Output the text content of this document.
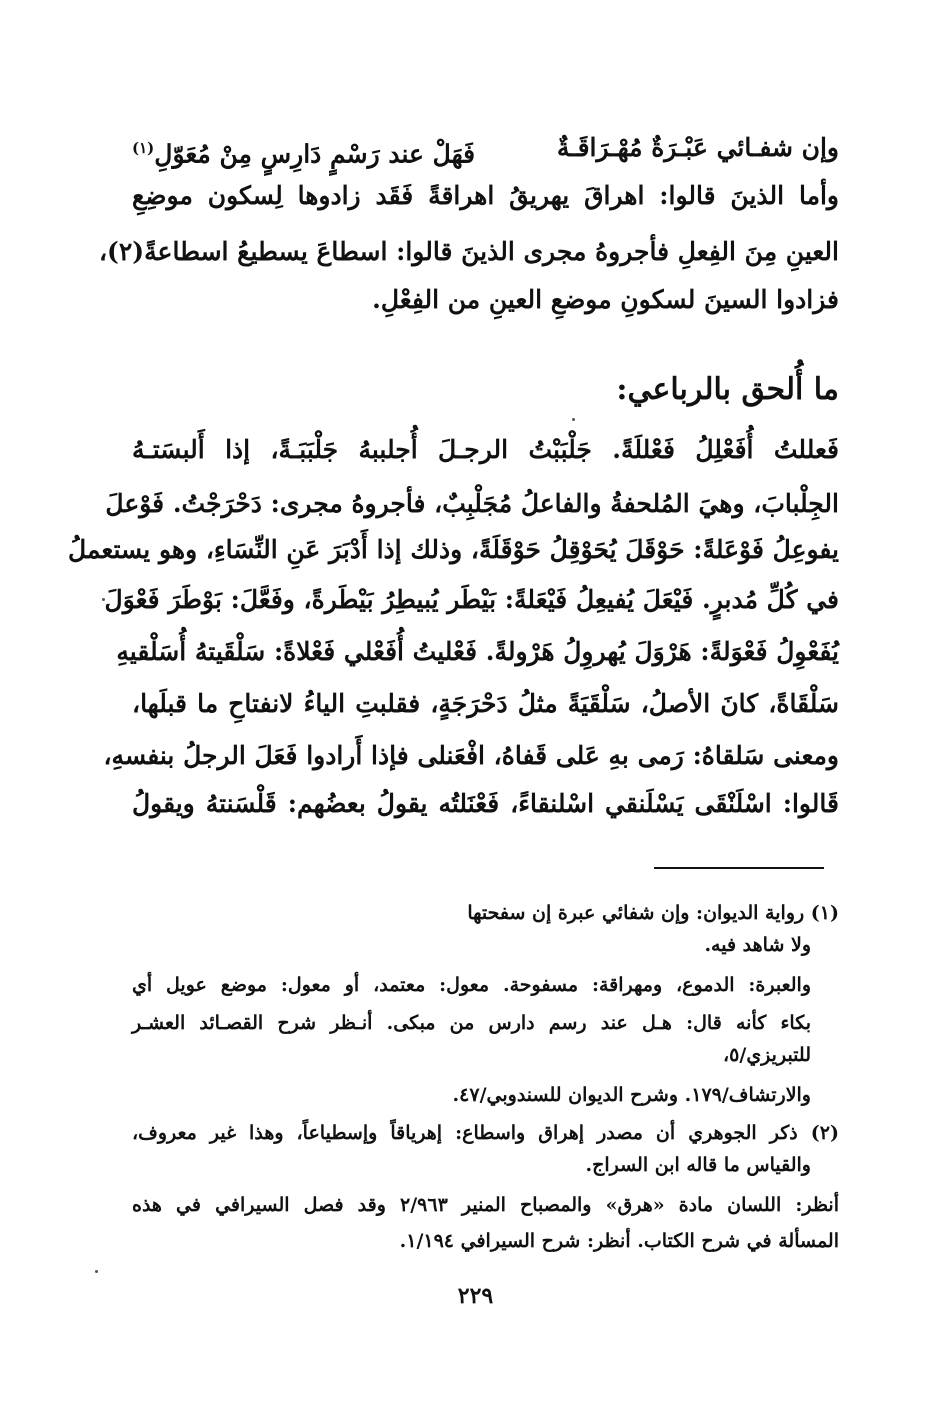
وإن شفـائي عَبْـرَةٌ مُهْـرَاقَـةٌ
فَهَلْ عند رَسْمٍ دَارِسٍ مِنْ مُعَوّلِ$^{(١)}$
وأما الذينَ قالوا: اهراقَ يهريقُ اهراقةً فَقَد زادوها لِسكون موضِعِ
العينِ مِنَ الفِعلِ فأجروهُ مجرى الذينَ قالوا: اسطاعَ يسطيعُ اسطاعةً(٢)،
فزادوا السينَ لسكونِ موضعِ العينِ من الفِعْلِ.
ما أُلحق بالرباعي:
فَعللتُ أُفَعْلِلُ فَعْللَةً. جَلْبَبْتُ الرجـلَ أُجلببهُ جَلْبَبَـةً، إذا أَلبسَتـهُ
الجِلْبابَ، وهيَ المُلحفةُ والفاعلُ مُجَلْبِبٌ، فأجروهُ مجرى: دَحْرَجْتُ. فَوْعلَ
يفوعِلُ فَوْعَلةً: حَوْقَلَ يُحَوْقِلُ حَوْقَلَةً، وذلك إذا أَدْبَرَ عَنِ النِّسَاءِ، وهو يستعملُ
في كُلِّ مُدبرٍ. فَيْعَلَ يُفيعِلُ فَيْعَلةً: بَيْطَر يُبيطِرُ بَيْطَرةً، وفَعَّلَ: بَوْطَرَ فَعْوَلَ
يُفَعْوِلُ فَعْوَلةً: هَرْوَلَ يُهروِلُ هَرْولةً. فَعْليتُ أُفَعْلي فَعْلاةً: سَلْقَيتهُ أُسَلْقيهِ
سَلْقَاةً، كانَ الأصلُ، سَلْقَيَةً مثلُ دَحْرَجَةٍ، فقلبتِ الياءُ لانفتاحِ ما قبلَها،
ومعنى سَلقاهُ: رَمى بهِ عَلى قَفاهُ، افْعَنلى فإذا أَرادوا فَعَلَ الرجلُ بنفسهِ،
قَالوا: اسْلَنْقَى يَسْلَنقي اسْلنقاءً، فَعْنَلتُه يقولُ بعضُهم: قَلْسَنتهُ ويقولُ
(١) رواية الديوان: وإن شفائي عبرة إن سفحتها
ولا شاهد فيه.
والعبرة: الدموع، ومهراقة: مسفوحة. معول: معتمد، أو معول: موضع عويل أي
بكاء كأنه قال: هـل عند رسم دارس من مبكى. أنـظر شرح القصـائد العشـر
للتبريزي/٥،
والارتشاف/١٧٩. وشرح الديوان للسندوبي/٤٧.
(٢) ذكر الجوهري أن مصدر إهراق واسطاع: إهرياقاً وإسطياعاً، وهذا غير معروف،
والقياس ما قاله ابن السراج.
أنظر: اللسان مادة «هرق» والمصباح المنير ٢/٩٦٣ وقد فصل السيرافي في هذه
المسألة في شرح الكتاب. أنظر: شرح السيرافي ١/١٩٤.
٢٢٩
